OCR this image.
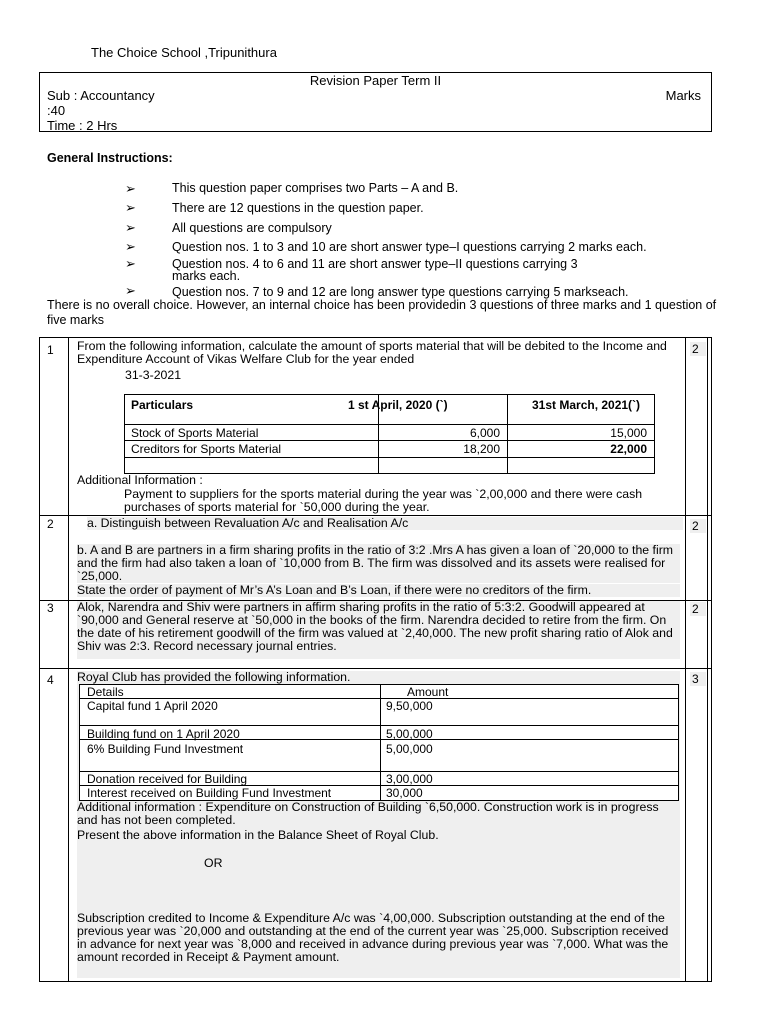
The Choice School ,Tripunithura
Revision Paper Term II
Sub : Accountancy	Marks
:40
Time : 2 Hrs
General Instructions:
➢	This question paper comprises two Parts – A and B.
➢	There are 12 questions in the question paper.
➢	All questions are compulsory
➢	Question nos. 1 to 3 and 10 are short answer type–I questions carrying 2 marks each.
➢	Question nos. 4 to 6 and 11 are short answer type–II questions carrying 3
marks each.
➢	Question nos. 7 to 9 and 12 are long answer type questions carrying 5 markseach.
There is no overall choice. However, an internal choice has been providedin 3 questions of three marks and 1 question of five marks
1	2
From the following information, calculate the amount of sports material that will be debited to the Income and Expenditure Account of Vikas Welfare Club for the year ended
31-3-2021
Particulars	1 st April, 2020 (`)	31st March, 2021(`)
Stock of Sports Material	6,000	15,000
Creditors for Sports Material	18,200	22,000
Additional Information :
Payment to suppliers for the sports material during the year was `2,00,000 and there were cash purchases of sports material for `50,000 during the year.
2	2
a. Distinguish between Revaluation A/c and Realisation A/c
b. A and B are partners in a firm sharing profits in the ratio of 3:2 .Mrs A has given a loan of `20,000 to the firm and the firm had also taken a loan of `10,000 from B. The firm was dissolved and its assets were realised for `25,000.
State the order of payment of Mr’s A’s Loan and B’s Loan, if there were no creditors of the firm.
3	2
Alok, Narendra and Shiv were partners in affirm sharing profits in the ratio of 5:3:2. Goodwill appeared at `90,000 and General reserve at `50,000 in the books of the firm. Narendra decided to retire from the firm. On the date of his retirement goodwill of the firm was valued at `2,40,000. The new profit sharing ratio of Alok and Shiv was 2:3. Record necessary journal entries.
4	3
Royal Club has provided the following information.
Details	Amount
Capital fund 1 April 2020	9,50,000
Building fund on 1 April 2020	5,00,000
6% Building Fund Investment	5,00,000
Donation received for Building	3,00,000
Interest received on Building Fund Investment	30,000
Additional information : Expenditure on Construction of Building `6,50,000. Construction work is in progress and has not been completed.
Present the above information in the Balance Sheet of Royal Club.
OR
Subscription credited to Income & Expenditure A/c was `4,00,000. Subscription outstanding at the end of the previous year was `20,000 and outstanding at the end of the current year was `25,000. Subscription received in advance for next year was `8,000 and received in advance during previous year was `7,000. What was the amount recorded in Receipt & Payment amount.
